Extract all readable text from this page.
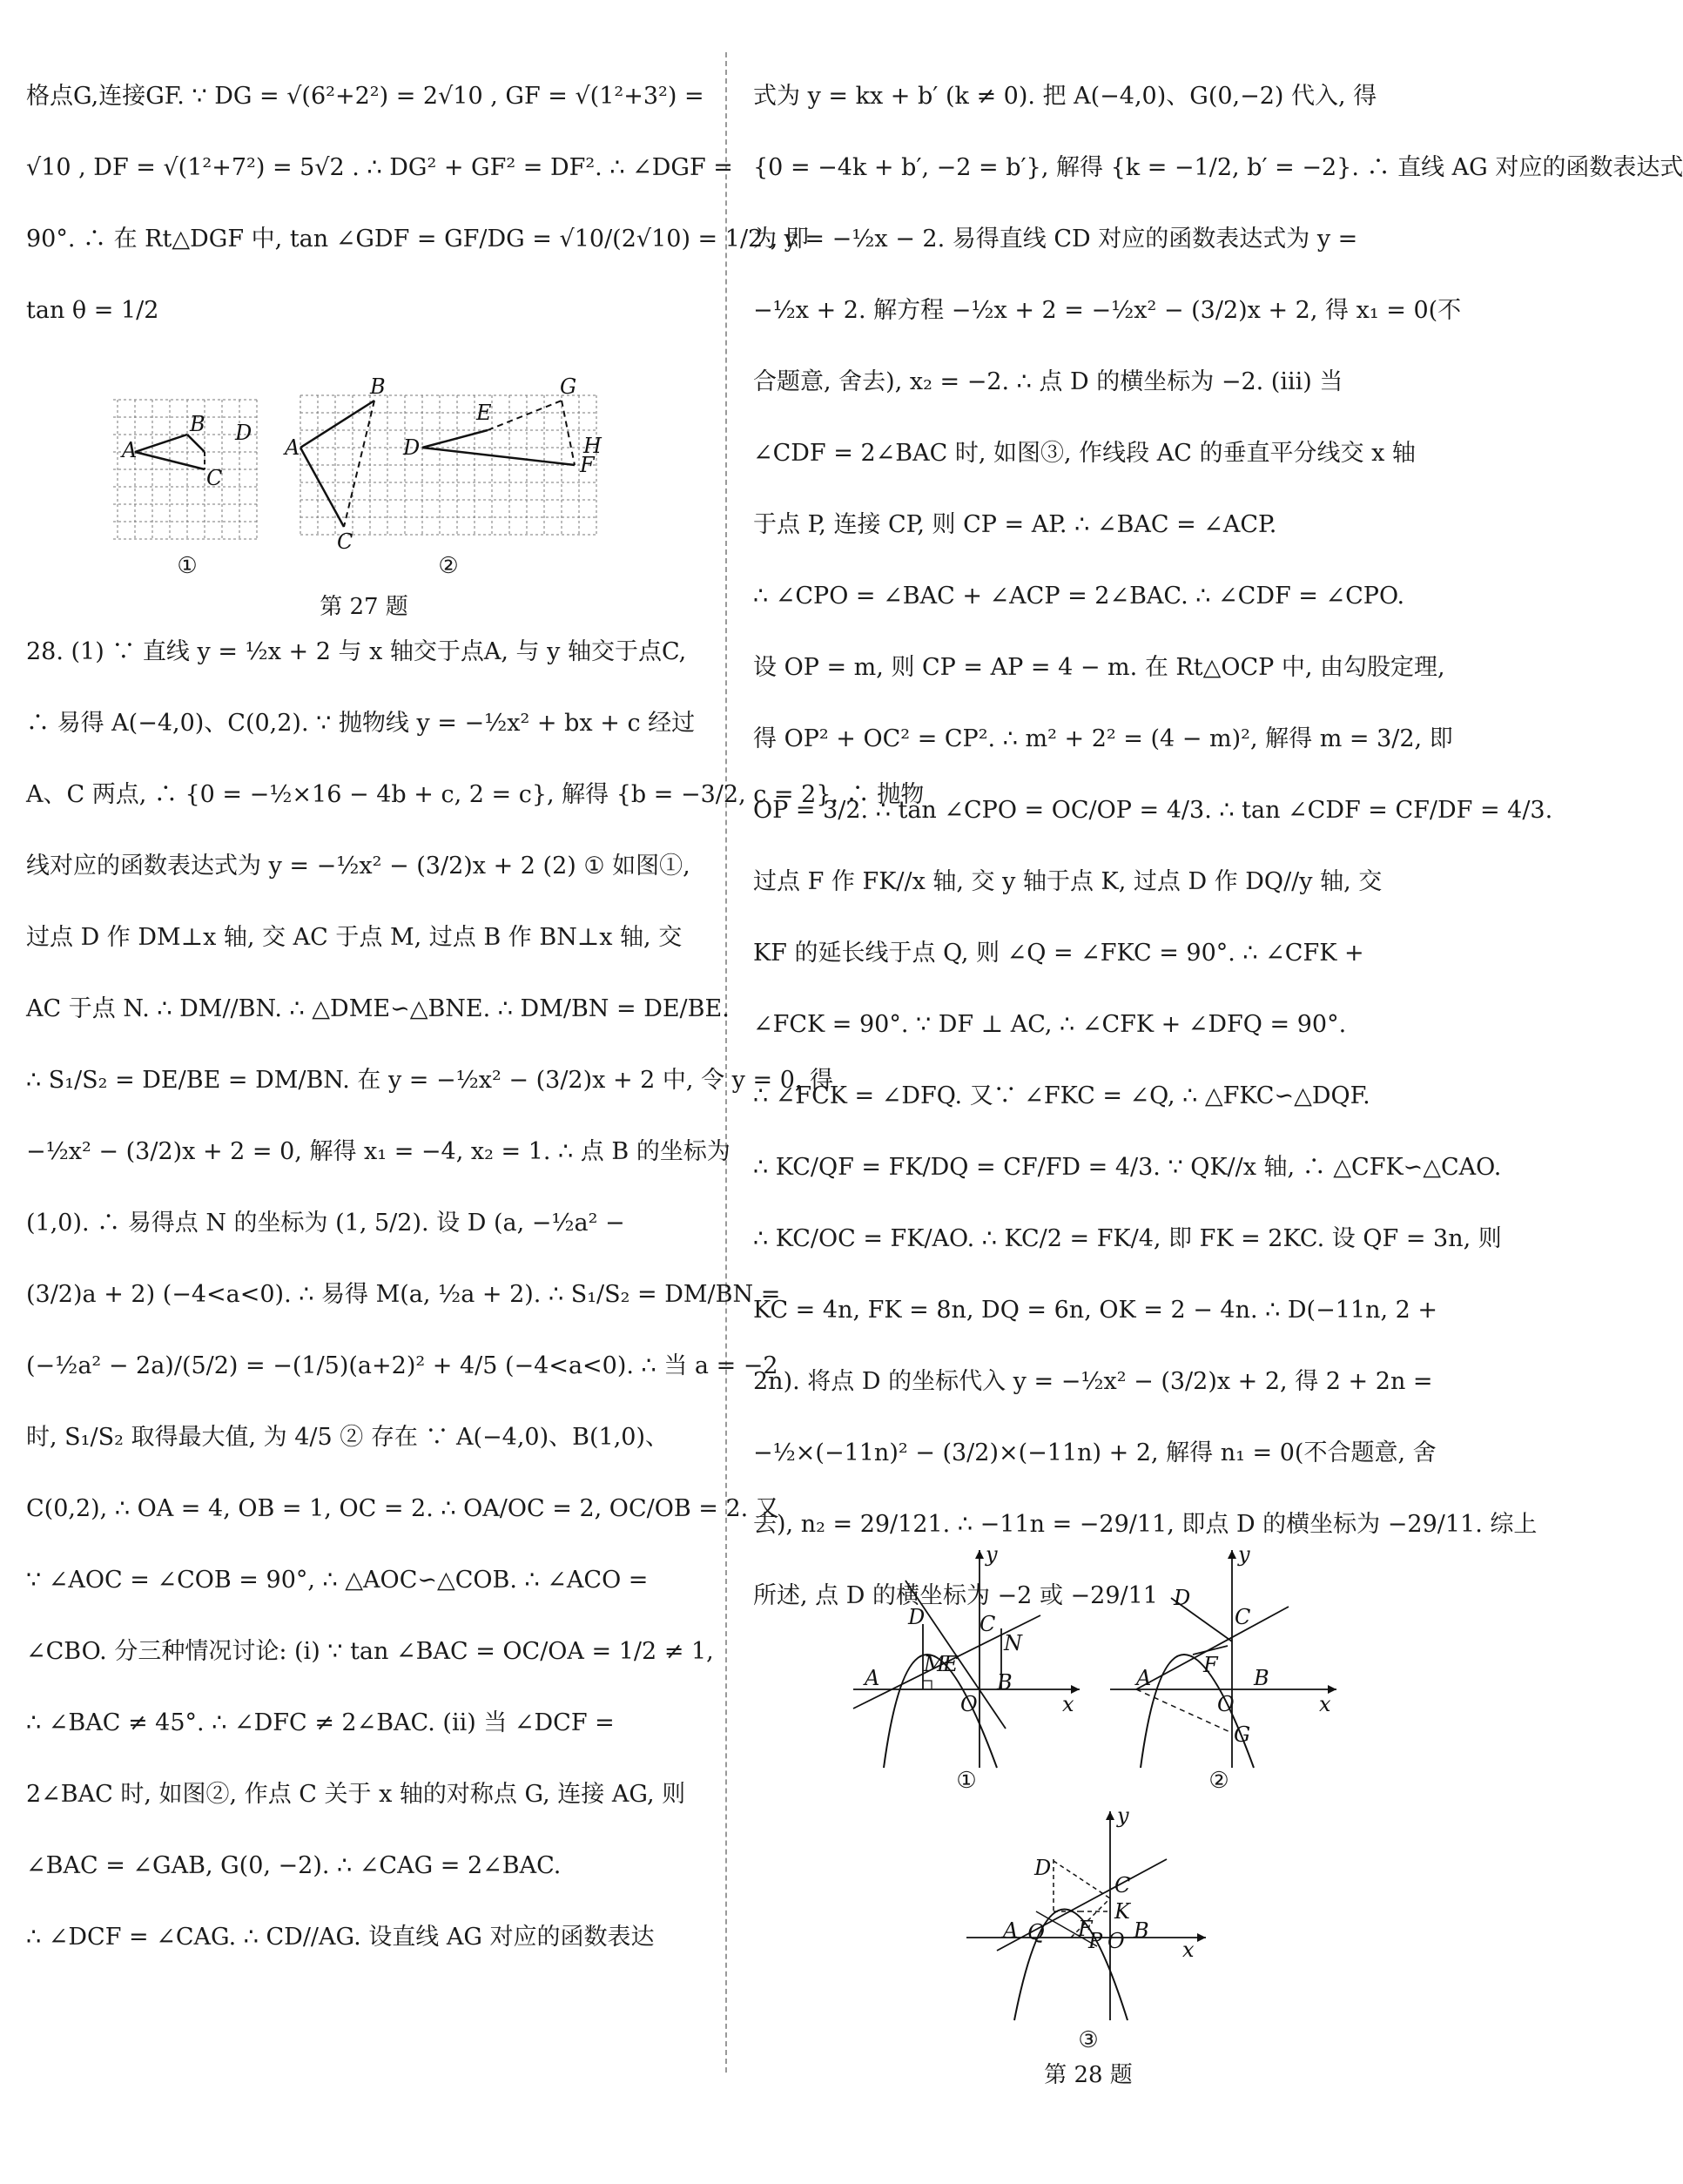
格点G,连接GF. ∵ DG = √(6²+2²) = 2√10 , GF = √(1²+3²) =
√10 , DF = √(1²+7²) = 5√2 . ∴ DG² + GF² = DF². ∴ ∠DGF =
90°. ∴ 在 Rt△DGF 中, tan ∠GDF = GF/DG = √10/(2√10) = 1/2 , 即
tan θ = 1/2
28. (1) ∵ 直线 y = ½x + 2 与 x 轴交于点A, 与 y 轴交于点C,
∴ 易得 A(−4,0)、C(0,2). ∵ 抛物线 y = −½x² + bx + c 经过
A、C 两点, ∴ {0 = −½×16 − 4b + c, 2 = c}, 解得 {b = −3/2, c = 2}. ∴ 抛物
线对应的函数表达式为 y = −½x² − (3/2)x + 2 (2) ① 如图①,
过点 D 作 DM⊥x 轴, 交 AC 于点 M, 过点 B 作 BN⊥x 轴, 交
AC 于点 N. ∴ DM//BN. ∴ △DME∽△BNE. ∴ DM/BN = DE/BE.
∴ S₁/S₂ = DE/BE = DM/BN. 在 y = −½x² − (3/2)x + 2 中, 令 y = 0, 得
−½x² − (3/2)x + 2 = 0, 解得 x₁ = −4, x₂ = 1. ∴ 点 B 的坐标为
(1,0). ∴ 易得点 N 的坐标为 (1, 5/2). 设 D (a, −½a² −
(3/2)a + 2) (−4<a<0). ∴ 易得 M(a, ½a + 2). ∴ S₁/S₂ = DM/BN =
(−½a² − 2a)/(5/2) = −(1/5)(a+2)² + 4/5 (−4<a<0). ∴ 当 a = −2
时, S₁/S₂ 取得最大值, 为 4/5 ② 存在 ∵ A(−4,0)、B(1,0)、
C(0,2), ∴ OA = 4, OB = 1, OC = 2. ∴ OA/OC = 2, OC/OB = 2. 又
∵ ∠AOC = ∠COB = 90°, ∴ △AOC∽△COB. ∴ ∠ACO =
∠CBO. 分三种情况讨论: (i) ∵ tan ∠BAC = OC/OA = 1/2 ≠ 1,
∴ ∠BAC ≠ 45°. ∴ ∠DFC ≠ 2∠BAC. (ii) 当 ∠DCF =
2∠BAC 时, 如图②, 作点 C 关于 x 轴的对称点 G, 连接 AG, 则
∠BAC = ∠GAB, G(0, −2). ∴ ∠CAG = 2∠BAC.
∴ ∠DCF = ∠CAG. ∴ CD//AG. 设直线 AG 对应的函数表达
式为 y = kx + b′ (k ≠ 0). 把 A(−4,0)、G(0,−2) 代入, 得
{0 = −4k + b′, −2 = b′}, 解得 {k = −1/2, b′ = −2}. ∴ 直线 AG 对应的函数表达式
为 y = −½x − 2. 易得直线 CD 对应的函数表达式为 y =
−½x + 2. 解方程 −½x + 2 = −½x² − (3/2)x + 2, 得 x₁ = 0(不
合题意, 舍去), x₂ = −2. ∴ 点 D 的横坐标为 −2. (iii) 当
∠CDF = 2∠BAC 时, 如图③, 作线段 AC 的垂直平分线交 x 轴
于点 P, 连接 CP, 则 CP = AP. ∴ ∠BAC = ∠ACP.
∴ ∠CPO = ∠BAC + ∠ACP = 2∠BAC. ∴ ∠CDF = ∠CPO.
设 OP = m, 则 CP = AP = 4 − m. 在 Rt△OCP 中, 由勾股定理,
得 OP² + OC² = CP². ∴ m² + 2² = (4 − m)², 解得 m = 3/2, 即
OP = 3/2. ∴ tan ∠CPO = OC/OP = 4/3. ∴ tan ∠CDF = CF/DF = 4/3.
过点 F 作 FK//x 轴, 交 y 轴于点 K, 过点 D 作 DQ//y 轴, 交
KF 的延长线于点 Q, 则 ∠Q = ∠FKC = 90°. ∴ ∠CFK +
∠FCK = 90°. ∵ DF ⊥ AC, ∴ ∠CFK + ∠DFQ = 90°.
∴ ∠FCK = ∠DFQ. 又∵ ∠FKC = ∠Q, ∴ △FKC∽△DQF.
∴ KC/QF = FK/DQ = CF/FD = 4/3. ∵ QK//x 轴, ∴ △CFK∽△CAO.
∴ KC/OC = FK/AO. ∴ KC/2 = FK/4, 即 FK = 2KC. 设 QF = 3n, 则
KC = 4n, FK = 8n, DQ = 6n, OK = 2 − 4n. ∴ D(−11n, 2 +
2n). 将点 D 的坐标代入 y = −½x² − (3/2)x + 2, 得 2 + 2n =
−½×(−11n)² − (3/2)×(−11n) + 2, 解得 n₁ = 0(不合题意, 舍
去), n₂ = 29/121. ∴ −11n = −29/11, 即点 D 的横坐标为 −29/11. 综上
所述, 点 D 的横坐标为 −2 或 −29/11
A
B D
C
①
A
B
C
D
E
G
H
F
②
第 27 题
A
D
M
E
C
N
B
O	x
y
①
A
D
C
F
B
O
G
x
y
②
A
D
Q F
P O
C
K
B
x
y
③
第 28 题
